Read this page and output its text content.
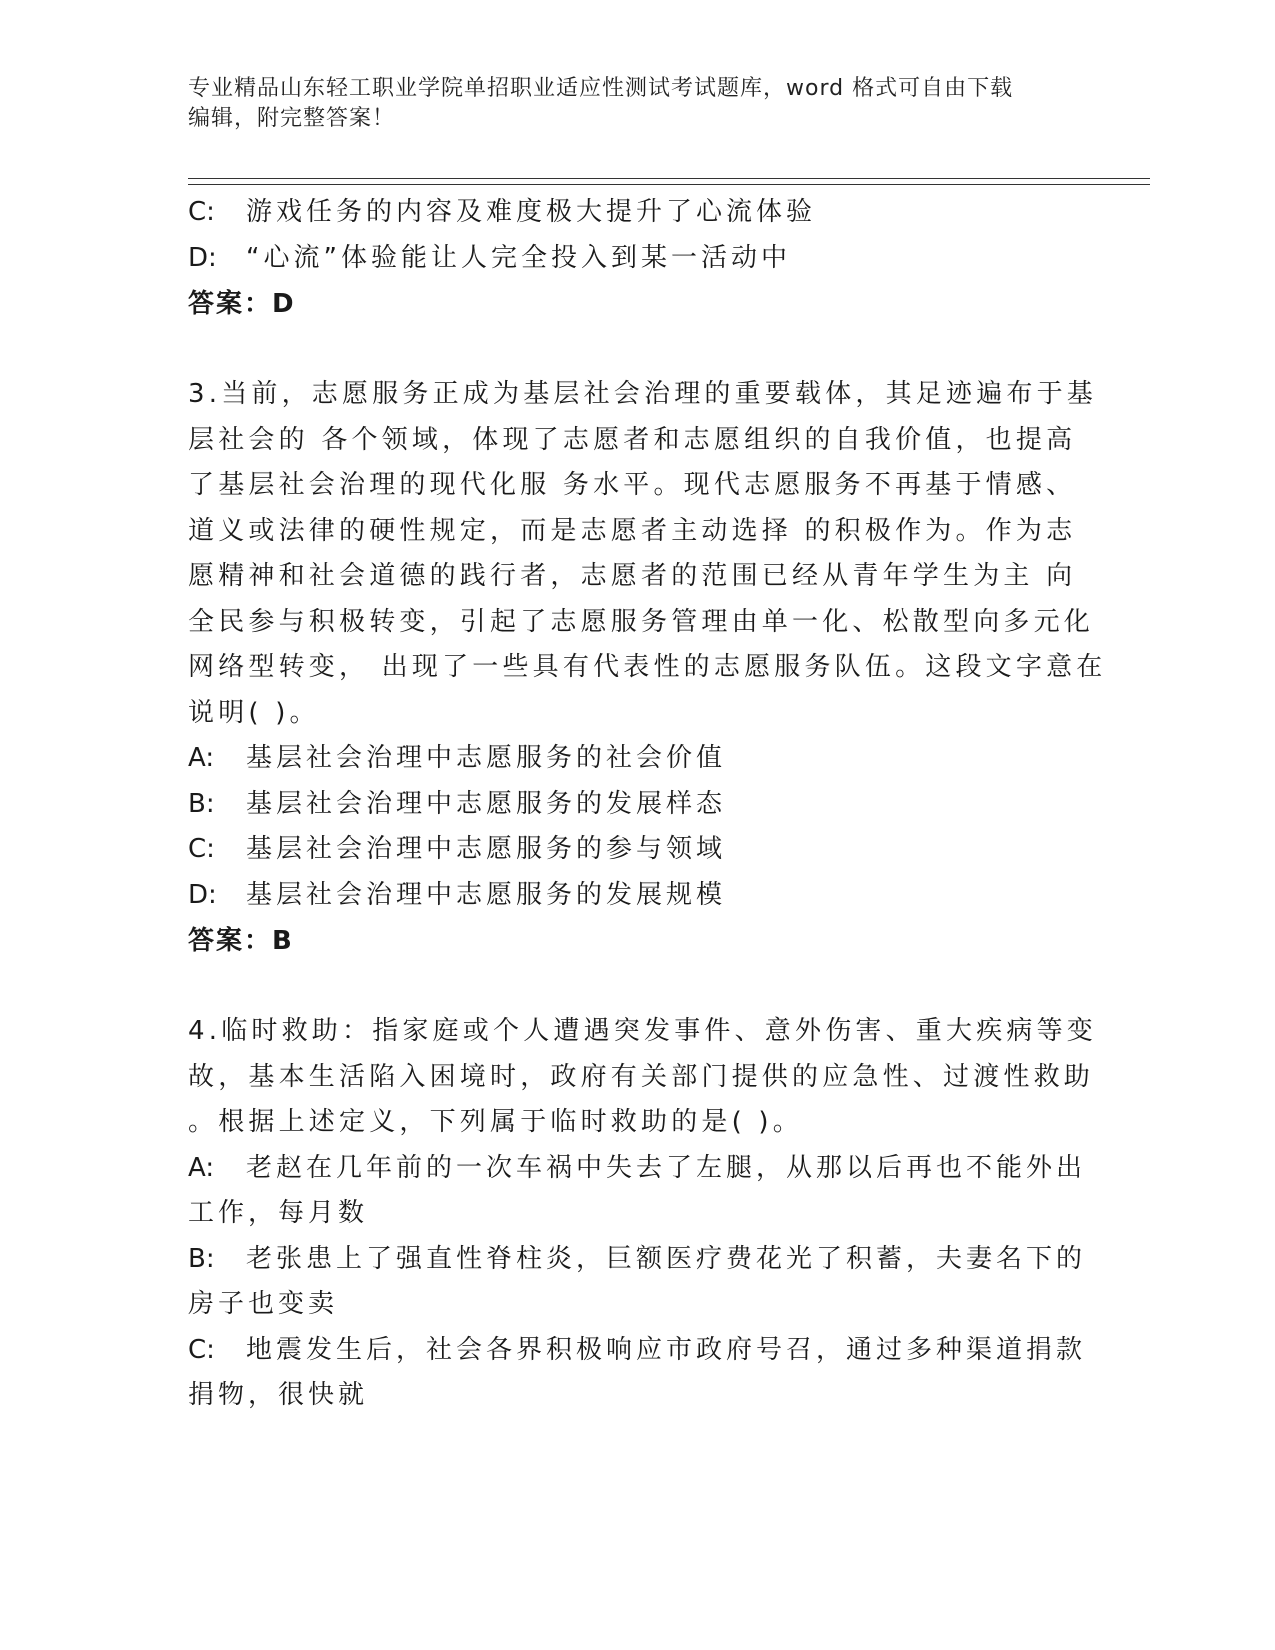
专业精品山东轻工职业学院单招职业适应性测试考试题库，word 格式可自由下载
编辑，附完整答案！
C: 游戏任务的内容及难度极大提升了心流体验
D: “心流”体验能让人完全投入到某一活动中
答案：D
3.当前，志愿服务正成为基层社会治理的重要载体，其足迹遍布于基
层社会的 各个领域，体现了志愿者和志愿组织的自我价值，也提高
了基层社会治理的现代化服 务水平。现代志愿服务不再基于情感、
道义或法律的硬性规定，而是志愿者主动选择 的积极作为。作为志
愿精神和社会道德的践行者，志愿者的范围已经从青年学生为主 向
全民参与积极转变，引起了志愿服务管理由单一化、松散型向多元化
网络型转变， 出现了一些具有代表性的志愿服务队伍。这段文字意在
说明( )。
A: 基层社会治理中志愿服务的社会价值
B: 基层社会治理中志愿服务的发展样态
C: 基层社会治理中志愿服务的参与领域
D: 基层社会治理中志愿服务的发展规模
答案：B
4.临时救助：指家庭或个人遭遇突发事件、意外伤害、重大疾病等变
故，基本生活陷入困境时，政府有关部门提供的应急性、过渡性救助
。根据上述定义，下列属于临时救助的是( )。
A: 老赵在几年前的一次车祸中失去了左腿，从那以后再也不能外出
工作，每月数
B: 老张患上了强直性脊柱炎，巨额医疗费花光了积蓄，夫妻名下的
房子也变卖
C: 地震发生后，社会各界积极响应市政府号召，通过多种渠道捐款
捐物，很快就
